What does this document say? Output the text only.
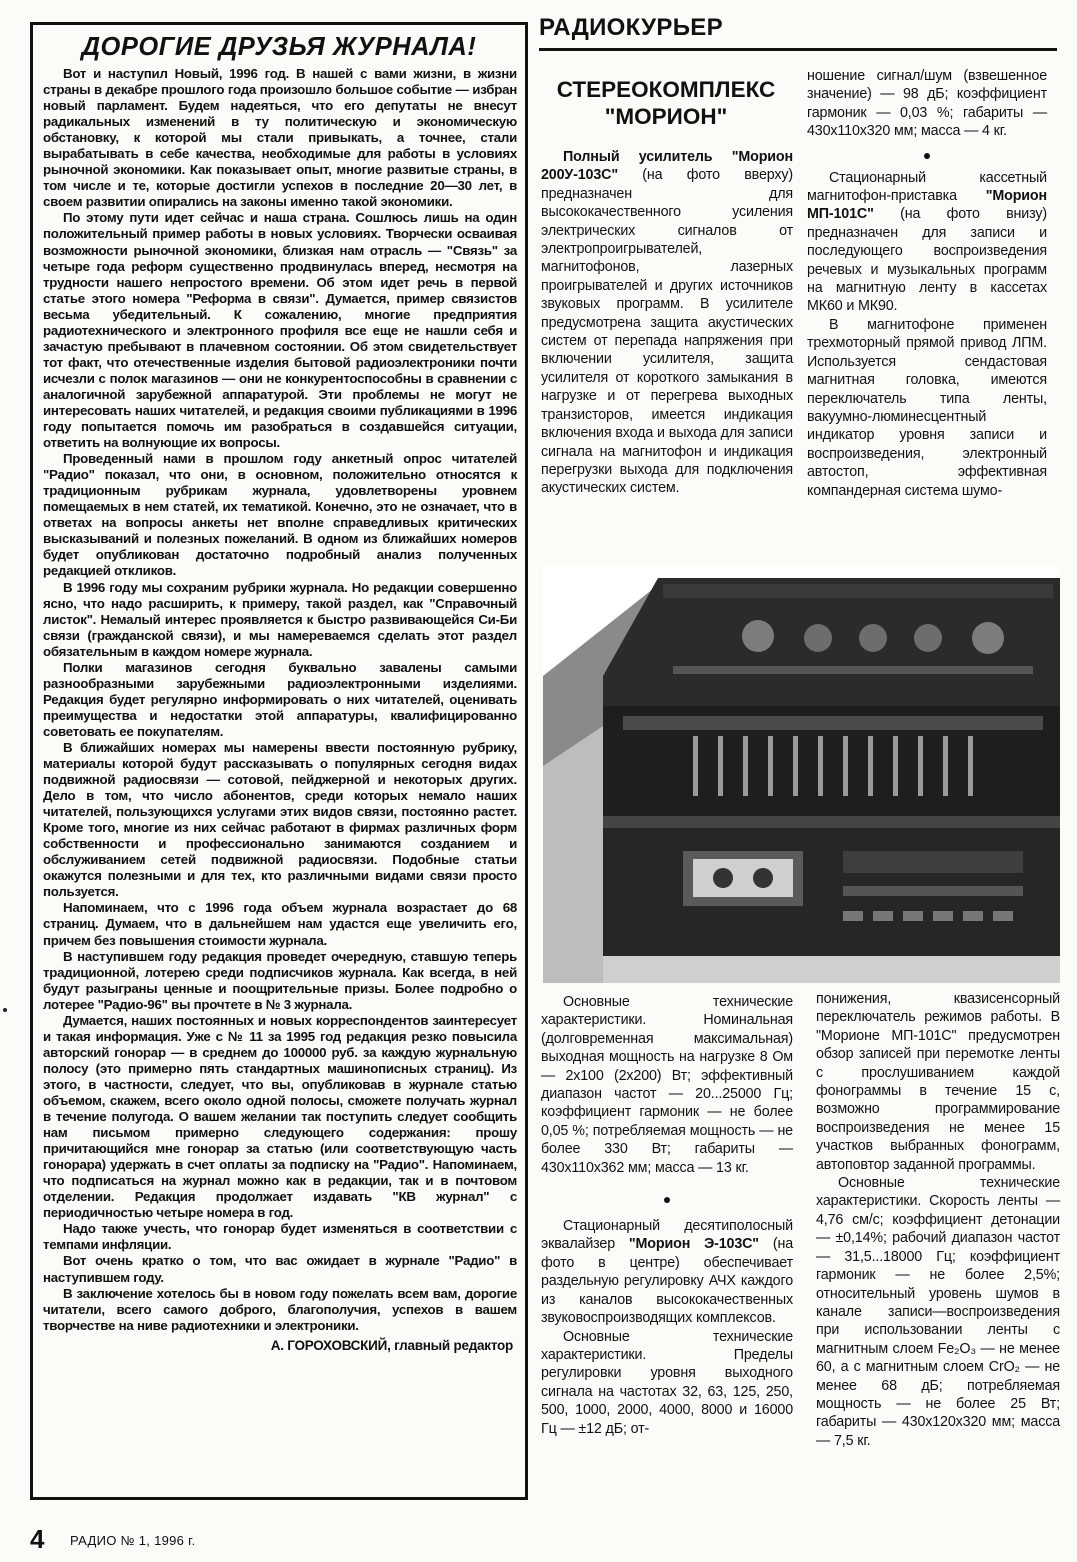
ДОРОГИЕ ДРУЗЬЯ ЖУРНАЛА!

Вот и наступил Новый, 1996 год. В нашей с вами жизни, в жизни страны в декабре прошлого года произошло большое событие — избран новый парламент. Будем надеяться, что его депутаты не внесут радикальных изменений в ту политическую и экономическую обстановку, к которой мы стали привыкать, а точнее, стали вырабатывать в себе качества, необходимые для работы в условиях рыночной экономики. Как показывает опыт, многие развитые страны, в том числе и те, которые достигли успехов в последние 20—30 лет, в своем развитии опирались на законы именно такой экономики.

По этому пути идет сейчас и наша страна. Сошлюсь лишь на один положительный пример работы в новых условиях. Творчески осваивая возможности рыночной экономики, близкая нам отрасль — "Связь" за четыре года реформ существенно продвинулась вперед, несмотря на трудности нашего непростого времени. Об этом идет речь в первой статье этого номера "Реформа в связи". Думается, пример связистов весьма убедительный. К сожалению, многие предприятия радиотехнического и электронного профиля все еще не нашли себя и зачастую пребывают в плачевном состоянии. Об этом свидетельствует тот факт, что отечественные изделия бытовой радиоэлектроники почти исчезли с полок магазинов — они не конкурентоспособны в сравнении с аналогичной зарубежной аппаратурой. Эти проблемы не могут не интересовать наших читателей, и редакция своими публикациями в 1996 году попытается помочь им разобраться в создавшейся ситуации, ответить на волнующие их вопросы.

Проведенный нами в прошлом году анкетный опрос читателей "Радио" показал, что они, в основном, положительно относятся к традиционным рубрикам журнала, удовлетворены уровнем помещаемых в нем статей, их тематикой. Конечно, это не означает, что в ответах на вопросы анкеты нет вполне справедливых критических высказываний и полезных пожеланий. В одном из ближайших номеров будет опубликован достаточно подробный анализ полученных редакцией откликов.

В 1996 году мы сохраним рубрики журнала. Но редакции совершенно ясно, что надо расширить, к примеру, такой раздел, как "Справочный листок". Немалый интерес проявляется к быстро развивающейся Си-Би связи (гражданской связи), и мы намереваемся сделать этот раздел обязательным в каждом номере журнала.

Полки магазинов сегодня буквально завалены самыми разнообразными зарубежными радиоэлектронными изделиями. Редакция будет регулярно информировать о них читателей, оценивать преимущества и недостатки этой аппаратуры, квалифицированно советовать ее покупателям.

В ближайших номерах мы намерены ввести постоянную рубрику, материалы которой будут рассказывать о популярных сегодня видах подвижной радиосвязи — сотовой, пейджерной и некоторых других. Дело в том, что число абонентов, среди которых немало наших читателей, пользующихся услугами этих видов связи, постоянно растет. Кроме того, многие из них сейчас работают в фирмах различных форм собственности и профессионально занимаются созданием и обслуживанием сетей подвижной радиосвязи. Подобные статьи окажутся полезными и для тех, кто различными видами связи просто пользуется.

Напоминаем, что с 1996 года объем журнала возрастает до 68 страниц. Думаем, что в дальнейшем нам удастся еще увеличить его, причем без повышения стоимости журнала.

В наступившем году редакция проведет очередную, ставшую теперь традиционной, лотерею среди подписчиков журнала. Как всегда, в ней будут разыграны ценные и поощрительные призы. Более подробно о лотерее "Радио-96" вы прочтете в № 3 журнала.

Думается, наших постоянных и новых корреспондентов заинтересует и такая информация. Уже с № 11 за 1995 год редакция резко повысила авторский гонорар — в среднем до 100000 руб. за каждую журнальную полосу (это примерно пять стандартных машинописных страниц). Из этого, в частности, следует, что вы, опубликовав в журнале статью объемом, скажем, всего около одной полосы, сможете получать журнал в течение полугода. О вашем желании так поступить следует сообщить нам письмом примерно следующего содержания: прошу причитающийся мне гонорар за статью (или соответствующую часть гонорара) удержать в счет оплаты за подписку на "Радио". Напоминаем, что подписаться на журнал можно как в редакции, так и в почтовом отделении. Редакция продолжает издавать "КВ журнал" с периодичностью четыре номера в год.

Надо также учесть, что гонорар будет изменяться в соответствии с темпами инфляции.

Вот очень кратко о том, что вас ожидает в журнале "Радио" в наступившем году.

В заключение хотелось бы в новом году пожелать всем вам, дорогие читатели, всего самого доброго, благополучия, успехов в вашем творчестве на ниве радиотехники и электроники.

А. ГОРОХОВСКИЙ, главный редактор
РАДИОКУРЬЕР
СТЕРЕОКОМПЛЕКС
"МОРИОН"

Полный усилитель "Морион 200У-103С" (на фото вверху) предназначен для высококачественного усиления электрических сигналов от электропроигрывателей, магнитофонов, лазерных проигрывателей и других источников звуковых программ. В усилителе предусмотрена защита акустических систем от перепада напряжения при включении усилителя, защита усилителя от короткого замыкания в нагрузке и от перегрева выходных транзисторов, имеется индикация включения входа и выхода для записи сигнала на магнитофон и индикация перегрузки выхода для подключения акустических систем.

ношение сигнал/шум (взвешенное значение) — 98 дБ; коэффициент гармоник — 0,03 %; габариты — 430x110x320 мм; масса — 4 кг.

●

Стационарный кассетный магнитофон-приставка "Морион МП-101С" (на фото внизу) предназначен для записи и последующего воспроизведения речевых и музыкальных программ на магнитную ленту в кассетах МК60 и МК90.

В магнитофоне применен трехмоторный прямой привод ЛПМ. Используется сендастовая магнитная головка, имеются переключатель типа ленты, вакуумно-люминесцентный индикатор уровня записи и воспроизведения, электронный автостоп, эффективная компандерная система шумо-

Основные технические характеристики. Номинальная (долговременная максимальная) выходная мощность на нагрузке 8 Ом — 2x100 (2x200) Вт; эффективный диапазон частот — 20...25000 Гц; коэффициент гармоник — не более 0,05 %; потребляемая мощность — не более 330 Вт; габариты — 430x110x362 мм; масса — 13 кг.

●

Стационарный десятиполосный эквалайзер "Морион Э-103С" (на фото в центре) обеспечивает раздельную регулировку АЧХ каждого из каналов высококачественных звуковоспроизводящих комплексов.

Основные технические характеристики. Пределы регулировки уровня выходного сигнала на частотах 32, 63, 125, 250, 500, 1000, 2000, 4000, 8000 и 16000 Гц — ±12 дБ; от-

понижения, квазисенсорный переключатель режимов работы. В "Морионе МП-101С" предусмотрен обзор записей при перемотке ленты с прослушиванием каждой фонограммы в течение 15 с, возможно программирование воспроизведения не менее 15 участков выбранных фонограмм, автоповтор заданной программы.

Основные технические характеристики. Скорость ленты — 4,76 см/с; коэффициент детонации — ±0,14%; рабочий диапазон частот — 31,5...18000 Гц; коэффициент гармоник — не более 2,5%; относительный уровень шумов в канале записи—воспроизведения при использовании ленты с магнитным слоем Fe₂O₃ — не менее 60, а с магнитным слоем CrO₂ — не менее 68 дБ; потребляемая мощность — не более 25 Вт; габариты — 430x120x320 мм; масса — 7,5 кг.

4 РАДИО № 1, 1996 г.
